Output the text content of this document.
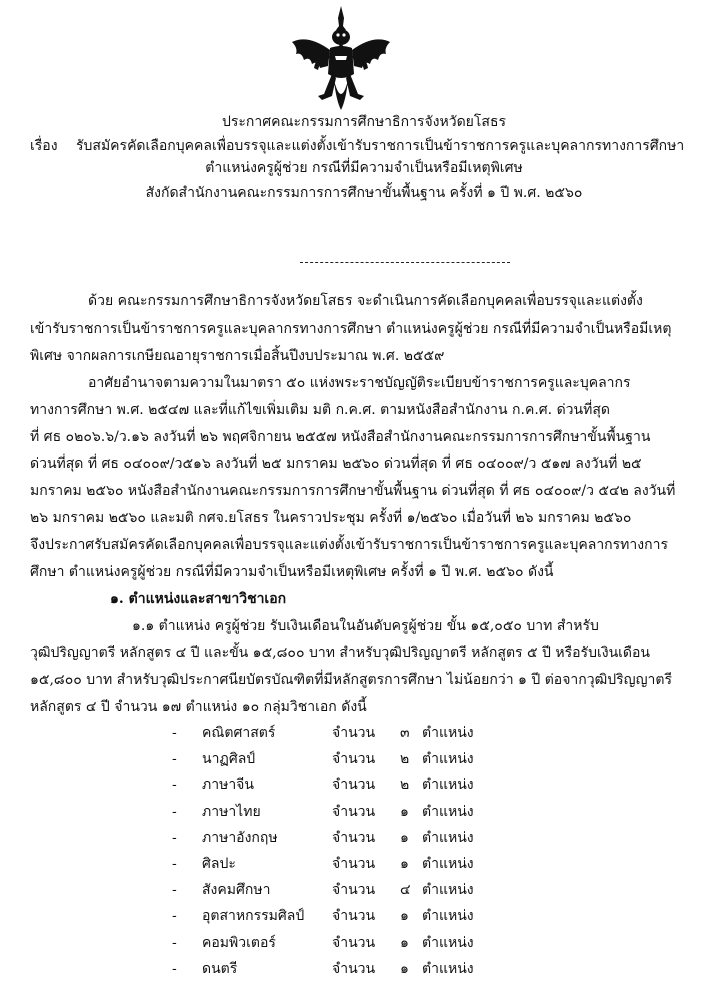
ประกาศคณะกรรมการศึกษาธิการจังหวัดยโสธร
เรื่อง รับสมัครคัดเลือกบุคคลเพื่อบรรจุและแต่งตั้งเข้ารับราชการเป็นข้าราชการครูและบุคลากรทางการศึกษา
ตำแหน่งครูผู้ช่วย กรณีที่มีความจำเป็นหรือมีเหตุพิเศษ
สังกัดสำนักงานคณะกรรมการการศึกษาขั้นพื้นฐาน ครั้งที่ ๑ ปี พ.ศ. ๒๕๖๐
ด้วย คณะกรรมการศึกษาธิการจังหวัดยโสธร จะดำเนินการคัดเลือกบุคคลเพื่อบรรจุและแต่งตั้ง
เข้ารับราชการเป็นข้าราชการครูและบุคลากรทางการศึกษา ตำแหน่งครูผู้ช่วย กรณีที่มีความจำเป็นหรือมีเหตุ
พิเศษ จากผลการเกษียณอายุราชการเมื่อสิ้นปีงบประมาณ พ.ศ. ๒๕๕๙
อาศัยอำนาจตามความในมาตรา ๕๐ แห่งพระราชบัญญัติระเบียบข้าราชการครูและบุคลากร
ทางการศึกษา พ.ศ. ๒๕๔๗ และที่แก้ไขเพิ่มเติม มติ ก.ค.ศ. ตามหนังสือสำนักงาน ก.ค.ศ. ด่วนที่สุด
ที่ ศธ ๐๒๐๖.๖/ว.๑๖ ลงวันที่ ๒๖ พฤศจิกายน ๒๕๕๗ หนังสือสำนักงานคณะกรรมการการศึกษาขั้นพื้นฐาน
ด่วนที่สุด ที่ ศธ ๐๔๐๐๙/ว๕๑๖ ลงวันที่ ๒๕ มกราคม ๒๕๖๐ ด่วนที่สุด ที่ ศธ ๐๔๐๐๙/ว ๕๑๗ ลงวันที่ ๒๕
มกราคม ๒๕๖๐ หนังสือสำนักงานคณะกรรมการการศึกษาขั้นพื้นฐาน ด่วนที่สุด ที่ ศธ ๐๔๐๐๙/ว ๕๔๒ ลงวันที่
๒๖ มกราคม ๒๕๖๐ และมติ กศจ.ยโสธร ในคราวประชุม ครั้งที่ ๑/๒๕๖๐ เมื่อวันที่ ๒๖ มกราคม ๒๕๖๐
จึงประกาศรับสมัครคัดเลือกบุคคลเพื่อบรรจุและแต่งตั้งเข้ารับราชการเป็นข้าราชการครูและบุคลากรทางการ
ศึกษา ตำแหน่งครูผู้ช่วย กรณีที่มีความจำเป็นหรือมีเหตุพิเศษ ครั้งที่ ๑ ปี พ.ศ. ๒๕๖๐ ดังนี้
๑. ตำแหน่งและสาขาวิชาเอก
๑.๑ ตำแหน่ง ครูผู้ช่วย รับเงินเดือนในอันดับครูผู้ช่วย ขั้น ๑๕,๐๕๐ บาท สำหรับ
วุฒิปริญญาตรี หลักสูตร ๔ ปี และขั้น ๑๕,๘๐๐ บาท สำหรับวุฒิปริญญาตรี หลักสูตร ๕ ปี หรือรับเงินเดือน
๑๕,๘๐๐ บาท สำหรับวุฒิประกาศนียบัตรบัณฑิตที่มีหลักสูตรการศึกษา ไม่น้อยกว่า ๑ ปี ต่อจากวุฒิปริญญาตรี
หลักสูตร ๔ ปี จำนวน ๑๗ ตำแหน่ง ๑๐ กลุ่มวิชาเอก ดังนี้
- คณิตศาสตร์	จำนวน ๓ ตำแหน่ง
- นาฏศิลป์	จำนวน ๒ ตำแหน่ง
- ภาษาจีน	จำนวน ๒ ตำแหน่ง
- ภาษาไทย	จำนวน ๑ ตำแหน่ง
- ภาษาอังกฤษ	จำนวน ๑ ตำแหน่ง
- ศิลปะ	จำนวน ๑ ตำแหน่ง
- สังคมศึกษา	จำนวน ๔ ตำแหน่ง
- อุตสาหกรรมศิลป์ จำนวน ๑ ตำแหน่ง
- คอมพิวเตอร์	จำนวน ๑ ตำแหน่ง
- ดนตรี	จำนวน ๑ ตำแหน่ง
